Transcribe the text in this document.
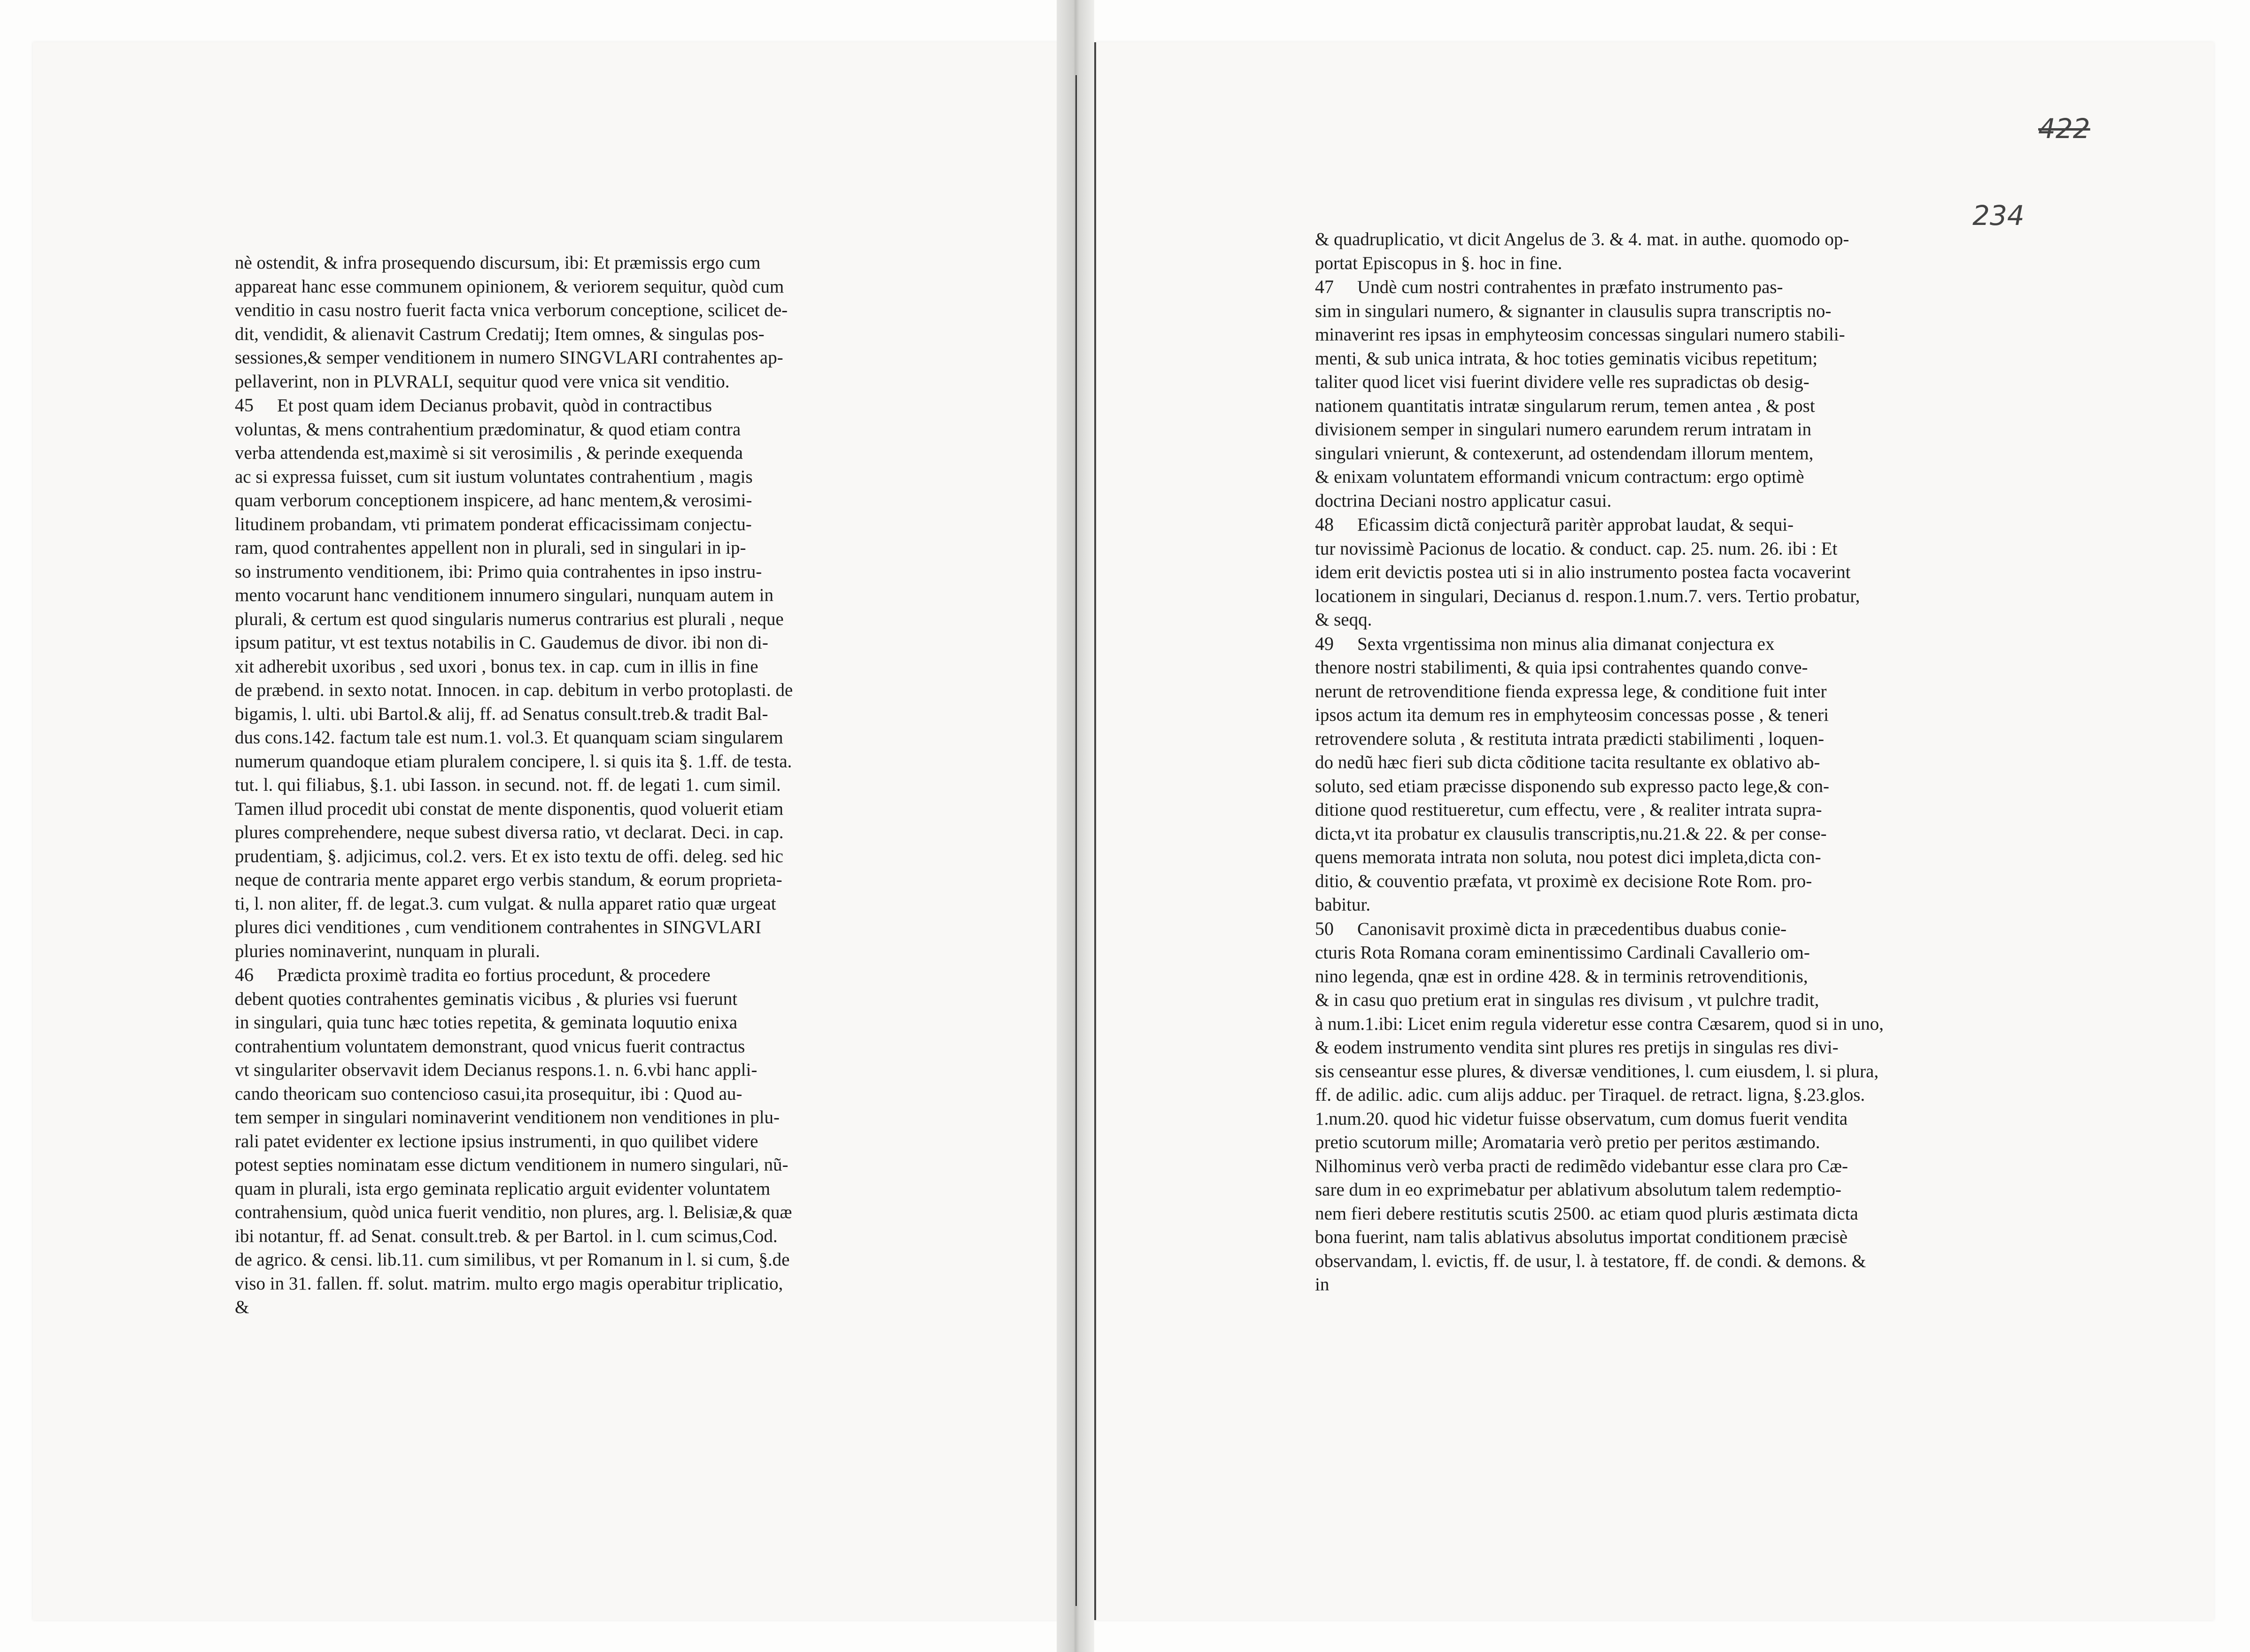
422
234
nè ostendit, & infra prosequendo discursum, ibi: Et præmissis ergo cum
appareat hanc esse communem opinionem, & veriorem sequitur, quòd cum
venditio in casu nostro fuerit facta vnica verborum conceptione, scilicet de-
dit, vendidit, & alienavit Castrum Credatij; Item omnes, & singulas pos-
sessiones,& semper venditionem in numero SINGVLARI contrahentes ap-
pellaverint, non in PLVRALI, sequitur quod vere vnica sit venditio.
45 Et post quam idem Decianus probavit, quòd in contractibus
voluntas, & mens contrahentium prædominatur, & quod etiam contra
verba attendenda est,maximè si sit verosimilis , & perinde exequenda
ac si expressa fuisset, cum sit iustum voluntates contrahentium , magis
quam verborum conceptionem inspicere, ad hanc mentem,& verosimi-
litudinem probandam, vti primatem ponderat efficacissimam conjectu-
ram, quod contrahentes appellent non in plurali, sed in singulari in ip-
so instrumento venditionem, ibi: Primo quia contrahentes in ipso instru-
mento vocarunt hanc venditionem innumero singulari, nunquam autem in
plurali, & certum est quod singularis numerus contrarius est plurali , neque
ipsum patitur, vt est textus notabilis in C. Gaudemus de divor. ibi non di-
xit adherebit uxoribus , sed uxori , bonus tex. in cap. cum in illis in fine
de præbend. in sexto notat. Innocen. in cap. debitum in verbo protoplasti. de
bigamis, l. ulti. ubi Bartol.& alij, ff. ad Senatus consult.treb.& tradit Bal-
dus cons.142. factum tale est num.1. vol.3. Et quanquam sciam singularem
numerum quandoque etiam pluralem concipere, l. si quis ita §. 1.ff. de testa.
tut. l. qui filiabus, §.1. ubi Iasson. in secund. not. ff. de legati 1. cum simil.
Tamen illud procedit ubi constat de mente disponentis, quod voluerit etiam
plures comprehendere, neque subest diversa ratio, vt declarat. Deci. in cap.
prudentiam, §. adjicimus, col.2. vers. Et ex isto textu de offi. deleg. sed hic
neque de contraria mente apparet ergo verbis standum, & eorum proprieta-
ti, l. non aliter, ff. de legat.3. cum vulgat. & nulla apparet ratio quæ urgeat
plures dici venditiones , cum venditionem contrahentes in SINGVLARI
pluries nominaverint, nunquam in plurali.
46 Prædicta proximè tradita eo fortius procedunt, & procedere
debent quoties contrahentes geminatis vicibus , & pluries vsi fuerunt
in singulari, quia tunc hæc toties repetita, & geminata loquutio enixa
contrahentium voluntatem demonstrant, quod vnicus fuerit contractus
vt singulariter observavit idem Decianus respons.1. n. 6.vbi hanc appli-
cando theoricam suo contencioso casui,ita prosequitur, ibi : Quod au-
tem semper in singulari nominaverint venditionem non venditiones in plu-
rali patet evidenter ex lectione ipsius instrumenti, in quo quilibet videre
potest septies nominatam esse dictum venditionem in numero singulari, nũ-
quam in plurali, ista ergo geminata replicatio arguit evidenter voluntatem
contrahensium, quòd unica fuerit venditio, non plures, arg. l. Belisiæ,& quæ
ibi notantur, ff. ad Senat. consult.treb. & per Bartol. in l. cum scimus,Cod.
de agrico. & censi. lib.11. cum similibus, vt per Romanum in l. si cum, §.de
viso in 31. fallen. ff. solut. matrim. multo ergo magis operabitur triplicatio,
&
& quadruplicatio, vt dicit Angelus de 3. & 4. mat. in authe. quomodo op-
portat Episcopus in §. hoc in fine.
47 Undè cum nostri contrahentes in præfato instrumento pas-
sim in singulari numero, & signanter in clausulis supra transcriptis no-
minaverint res ipsas in emphyteosim concessas singulari numero stabili-
menti, & sub unica intrata, & hoc toties geminatis vicibus repetitum;
taliter quod licet visi fuerint dividere velle res supradictas ob desig-
nationem quantitatis intratæ singularum rerum, temen antea , & post
divisionem semper in singulari numero earundem rerum intratam in
singulari vnierunt, & contexerunt, ad ostendendam illorum mentem,
& enixam voluntatem efformandi vnicum contractum: ergo optimè
doctrina Deciani nostro applicatur casui.
48 Eficassim dictã conjecturã paritèr approbat laudat, & sequi-
tur novissimè Pacionus de locatio. & conduct. cap. 25. num. 26. ibi : Et
idem erit devictis postea uti si in alio instrumento postea facta vocaverint
locationem in singulari, Decianus d. respon.1.num.7. vers. Tertio probatur,
& seqq.
49 Sexta vrgentissima non minus alia dimanat conjectura ex
thenore nostri stabilimenti, & quia ipsi contrahentes quando conve-
nerunt de retrovenditione fienda expressa lege, & conditione fuit inter
ipsos actum ita demum res in emphyteosim concessas posse , & teneri
retrovendere soluta , & restituta intrata prædicti stabilimenti , loquen-
do nedũ hæc fieri sub dicta cõditione tacita resultante ex oblativo ab-
soluto, sed etiam præcisse disponendo sub expresso pacto lege,& con-
ditione quod restitueretur, cum effectu, vere , & realiter intrata supra-
dicta,vt ita probatur ex clausulis transcriptis,nu.21.& 22. & per conse-
quens memorata intrata non soluta, nou potest dici impleta,dicta con-
ditio, & couventio præfata, vt proximè ex decisione Rote Rom. pro-
babitur.
50 Canonisavit proximè dicta in præcedentibus duabus conie-
cturis Rota Romana coram eminentissimo Cardinali Cavallerio om-
nino legenda, qnæ est in ordine 428. & in terminis retrovenditionis,
& in casu quo pretium erat in singulas res divisum , vt pulchre tradit,
à num.1.ibi: Licet enim regula videretur esse contra Cæsarem, quod si in uno,
& eodem instrumento vendita sint plures res pretijs in singulas res divi-
sis censeantur esse plures, & diversæ venditiones, l. cum eiusdem, l. si plura,
ff. de adilic. adic. cum alijs adduc. per Tiraquel. de retract. ligna, §.23.glos.
1.num.20. quod hic videtur fuisse observatum, cum domus fuerit vendita
pretio scutorum mille; Aromataria verò pretio per peritos æstimando.
Nilhominus verò verba practi de redimẽdo videbantur esse clara pro Cæ-
sare dum in eo exprimebatur per ablativum absolutum talem redemptio-
nem fieri debere restitutis scutis 2500. ac etiam quod pluris æstimata dicta
bona fuerint, nam talis ablativus absolutus importat conditionem præcisè
observandam, l. evictis, ff. de usur, l. à testatore, ff. de condi. & demons. &
in
